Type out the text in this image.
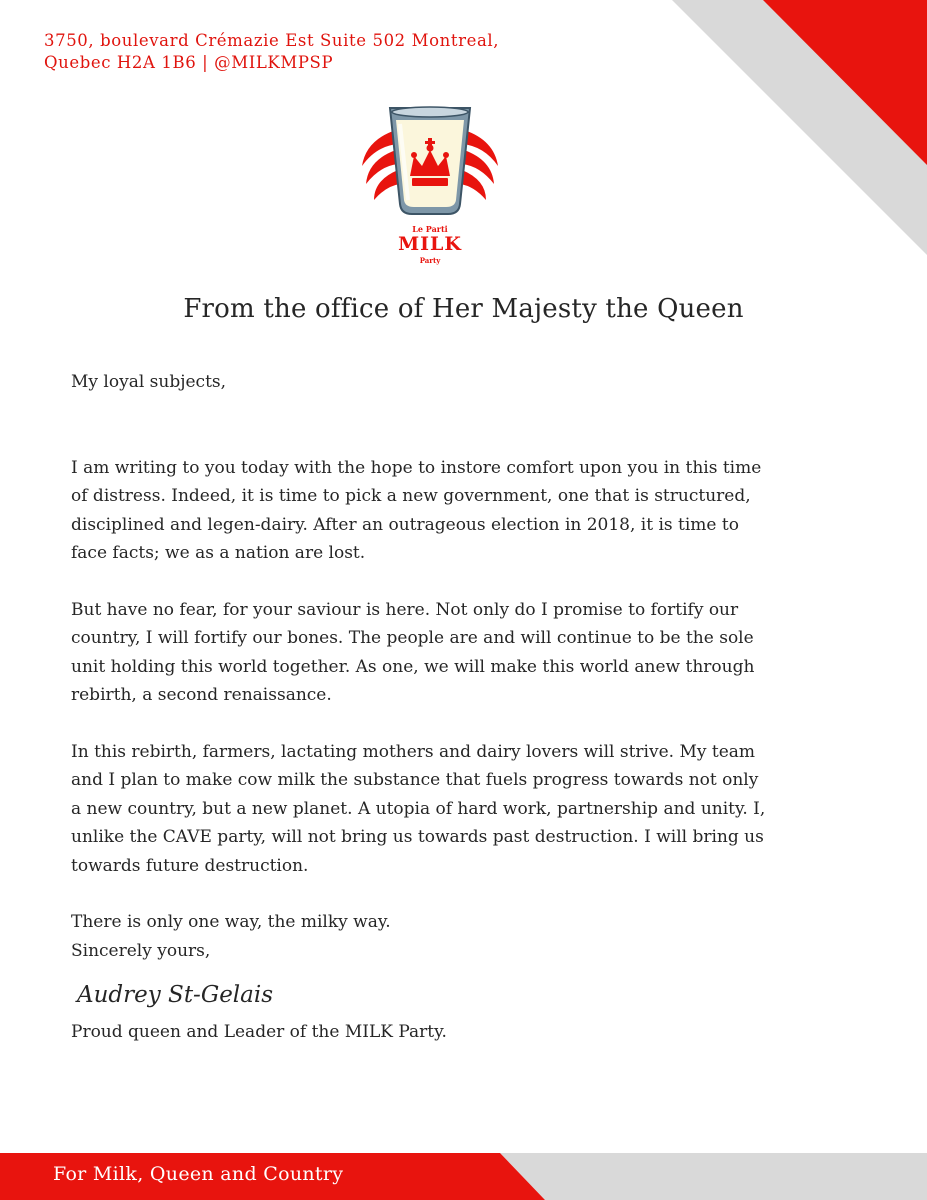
3750, boulevard Crémazie Est Suite 502 Montreal,
Quebec H2A 1B6 | @MILKMPSP
Le Parti
MILK
Party
From the office of Her Majesty the Queen

My loyal subjects,

I am writing to you today with the hope to instore comfort upon you in this time of distress. Indeed, it is time to pick a new government, one that is structured, disciplined and legen-dairy. After an outrageous election in 2018, it is time to face facts; we as a nation are lost.

But have no fear, for your saviour is here. Not only do I promise to fortify our country, I will fortify our bones. The people are and will continue to be the sole unit holding this world together. As one, we will make this world anew through rebirth, a second renaissance.

In this rebirth, farmers, lactating mothers and dairy lovers will strive. My team and I plan to make cow milk the substance that fuels progress towards not only a new country, but a new planet. A utopia of hard work, partnership and unity. I, unlike the CAVE party, will not bring us towards past destruction. I will bring us towards future destruction.

There is only one way, the milky way.

Sincerely yours,

Audrey St-Gelais

Proud queen and Leader of the MILK Party.

For Milk, Queen and Country
